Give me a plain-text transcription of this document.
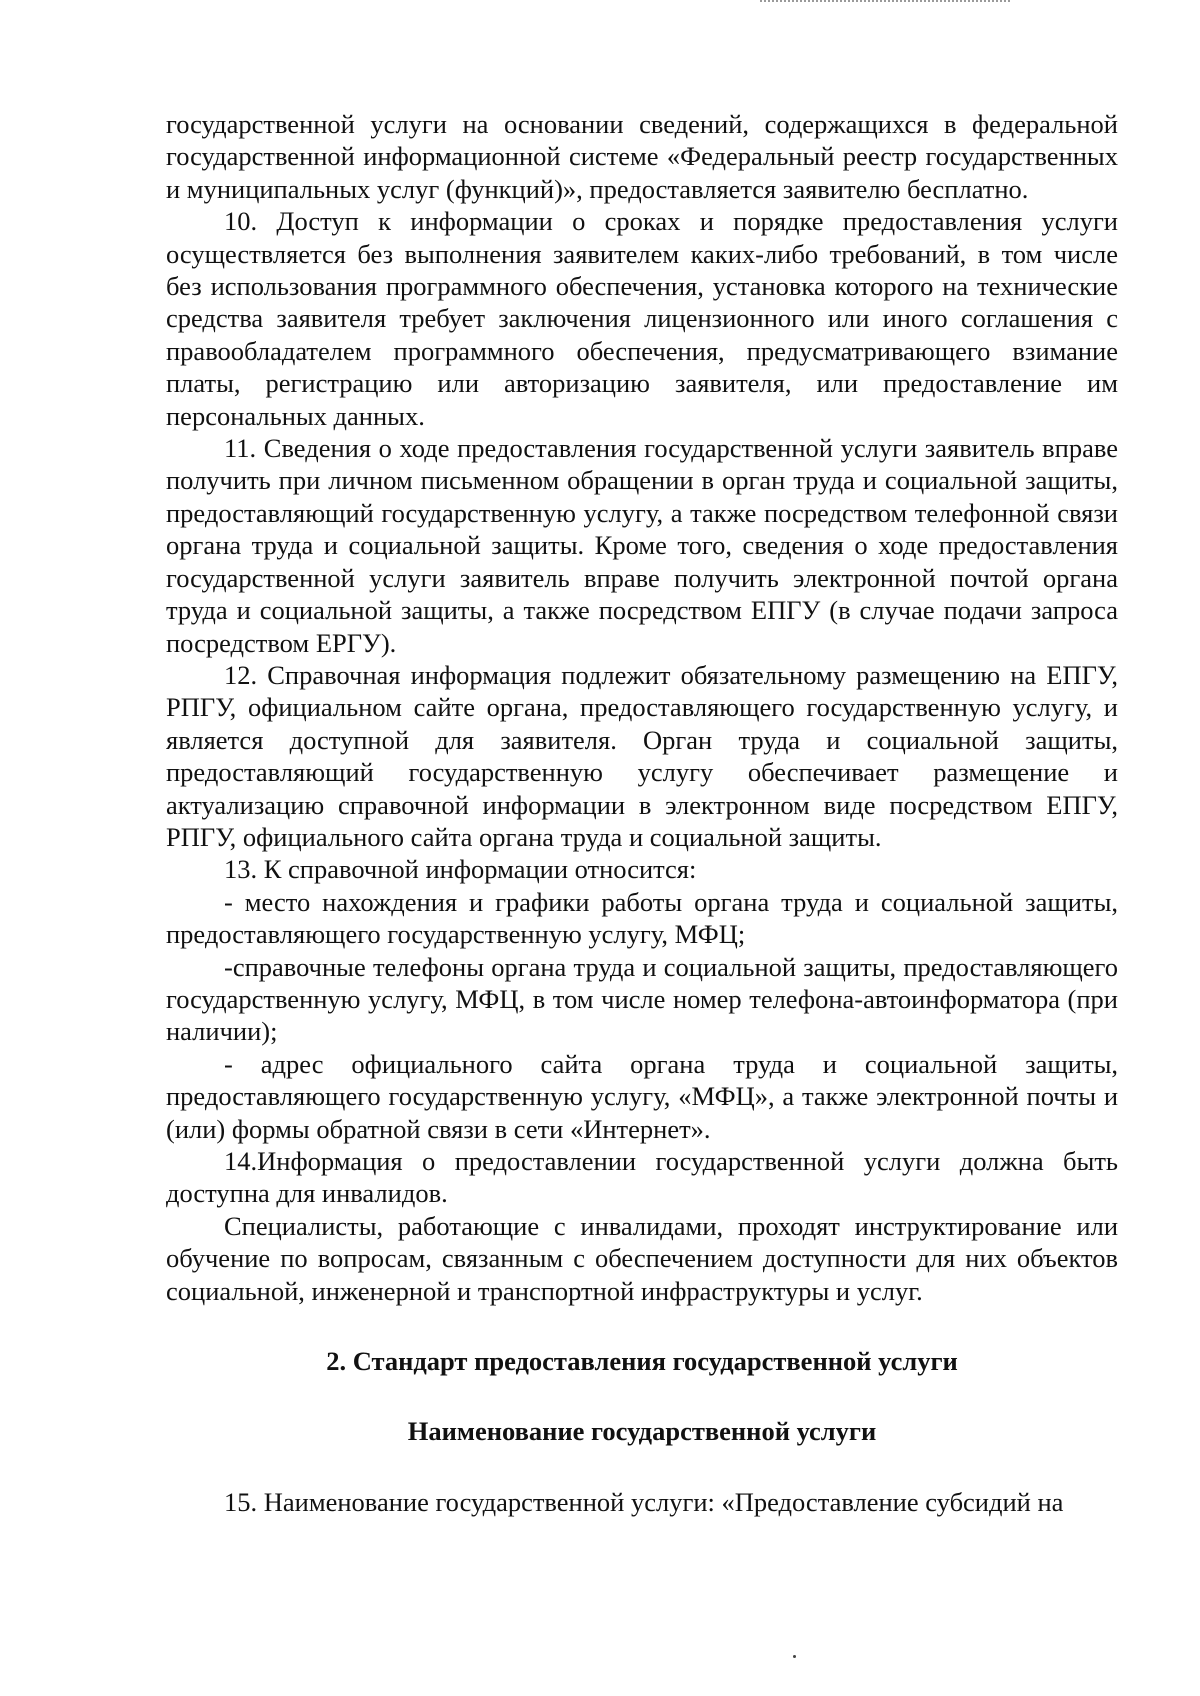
государственной услуги на основании сведений, содержащихся в федеральной государственной информационной системе «Федеральный реестр государственных и муниципальных услуг (функций)», предоставляется заявителю бесплатно.

10. Доступ к информации о сроках и порядке предоставления услуги осуществляется без выполнения заявителем каких-либо требований, в том числе без использования программного обеспечения, установка которого на технические средства заявителя требует заключения лицензионного или иного соглашения с правообладателем программного обеспечения, предусматривающего взимание платы, регистрацию или авторизацию заявителя, или предоставление им персональных данных.

11. Сведения о ходе предоставления государственной услуги заявитель вправе получить при личном письменном обращении в орган труда и социальной защиты, предоставляющий государственную услугу, а также посредством телефонной связи органа труда и социальной защиты. Кроме того, сведения о ходе предоставления государственной услуги заявитель вправе получить электронной почтой органа труда и социальной защиты, а также посредством ЕПГУ (в случае подачи запроса посредством ЕРГУ).

12. Справочная информация подлежит обязательному размещению на ЕПГУ, РПГУ, официальном сайте органа, предоставляющего государственную услугу, и является доступной для заявителя. Орган труда и социальной защиты, предоставляющий государственную услугу обеспечивает размещение и актуализацию справочной информации в электронном виде посредством ЕПГУ, РПГУ, официального сайта органа труда и социальной защиты.

13. К справочной информации относится:

- место нахождения и графики работы органа труда и социальной защиты, предоставляющего государственную услугу, МФЦ;

-справочные телефоны органа труда и социальной защиты, предоставляющего государственную услугу, МФЦ, в том числе номер телефона-автоинформатора (при наличии);

- адрес официального сайта органа труда и социальной защиты, предоставляющего государственную услугу, «МФЦ», а также электронной почты и (или) формы обратной связи в сети «Интернет».

14.Информация о предоставлении государственной услуги должна быть доступна для инвалидов.

Специалисты, работающие с инвалидами, проходят инструктирование или обучение по вопросам, связанным с обеспечением доступности для них объектов социальной, инженерной и транспортной инфраструктуры и услуг.

2. Стандарт предоставления государственной услуги

Наименование государственной услуги

15. Наименование государственной услуги: «Предоставление субсидий на
